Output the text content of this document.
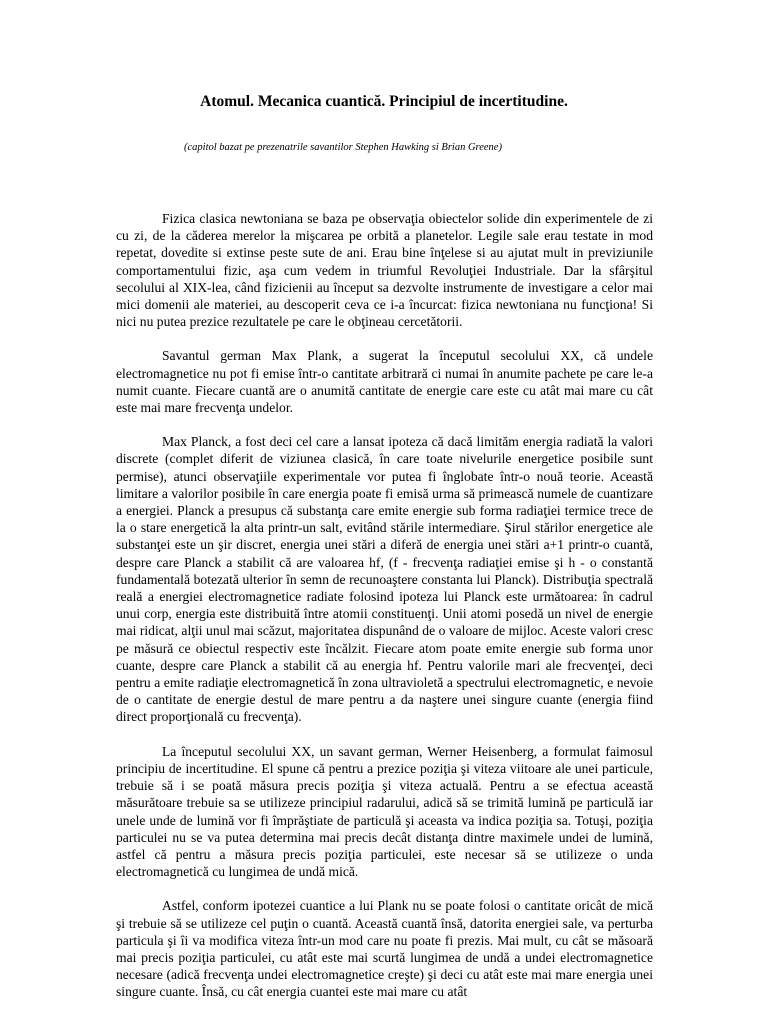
Atomul. Mecanica cuantică. Principiul de incertitudine.

(capitol bazat pe prezenatrile savantilor Stephen Hawking si Brian Greene)

Fizica clasica newtoniana se baza pe observaţia obiectelor solide din experimentele de zi cu zi, de la căderea merelor la mişcarea pe orbită a planetelor. Legile sale erau testate in mod repetat, dovedite si extinse peste sute de ani. Erau bine înţelese si au ajutat mult in previziunile comportamentului fizic, aşa cum vedem in triumful Revoluţiei Industriale. Dar la sfârşitul secolului al XIX-lea, când fizicienii au început sa dezvolte instrumente de investigare a celor mai mici domenii ale materiei, au descoperit ceva ce i-a încurcat: fizica newtoniana nu funcţiona! Si nici nu putea prezice rezultatele pe care le obţineau cercetătorii.

Savantul german Max Plank, a sugerat la începutul secolului XX, că undele electromagnetice nu pot fi emise într-o cantitate arbitrară ci numai în anumite pachete pe care le-a numit cuante. Fiecare cuantă are o anumită cantitate de energie care este cu atât mai mare cu cât este mai mare frecvenţa undelor.

Max Planck, a fost deci cel care a lansat ipoteza că dacă limităm energia radiată la valori discrete (complet diferit de viziunea clasică, în care toate nivelurile energetice posibile sunt permise), atunci observaţiile experimentale vor putea fi înglobate într-o nouă teorie. Această limitare a valorilor posibile în care energia poate fi emisă urma să primească numele de cuantizare a energiei. Planck a presupus că substanţa care emite energie sub forma radiaţiei termice trece de la o stare energetică la alta printr-un salt, evitând stările intermediare. Şirul stărilor energetice ale substanţei este un şir discret, energia unei stări a diferă de energia unei stări a+1 printr-o cuantă, despre care Planck a stabilit că are valoarea hf, (f - frecvenţa radiaţiei emise şi h - o constantă fundamentală botezată ulterior în semn de recunoaştere constanta lui Planck). Distribuţia spectrală reală a energiei electromagnetice radiate folosind ipoteza lui Planck este următoarea: în cadrul unui corp, energia este distribuită între atomii constituenţi. Unii atomi posedă un nivel de energie mai ridicat, alţii unul mai scăzut, majoritatea dispunând de o valoare de mijloc. Aceste valori cresc pe măsură ce obiectul respectiv este încălzit. Fiecare atom poate emite energie sub forma unor cuante, despre care Planck a stabilit că au energia hf. Pentru valorile mari ale frecvenţei, deci pentru a emite radiaţie electromagnetică în zona ultravioletă a spectrului electromagnetic, e nevoie de o cantitate de energie destul de mare pentru a da naştere unei singure cuante (energia fiind direct proporţională cu frecvenţa).

La începutul secolului XX, un savant german, Werner Heisenberg, a formulat faimosul principiu de incertitudine. El spune că pentru a prezice poziţia şi viteza viitoare ale unei particule, trebuie să i se poată măsura precis poziţia şi viteza actuală. Pentru a se efectua această măsurătoare trebuie sa se utilizeze principiul radarului, adică să se trimită lumină pe particulă iar unele unde de lumină vor fi împrăştiate de particulă şi aceasta va indica poziţia sa. Totuşi, poziţia particulei nu se va putea determina mai precis decât distanţa dintre maximele undei de lumină, astfel că pentru a măsura precis poziţia particulei, este necesar să se utilizeze o unda electromagnetică cu lungimea de undă mică.

Astfel, conform ipotezei cuantice a lui Plank nu se poate folosi o cantitate oricât de mică şi trebuie să se utilizeze cel puţin o cuantă. Această cuantă însă, datorita energiei sale, va perturba particula şi îi va modifica viteza într-un mod care nu poate fi prezis. Mai mult, cu cât se măsoară mai precis poziţia particulei, cu atât este mai scurtă lungimea de undă a undei electromagnetice necesare (adică frecvenţa undei electromagnetice creşte) şi deci cu atât este mai mare energia unei singure cuante. Însă, cu cât energia cuantei este mai mare cu atât
